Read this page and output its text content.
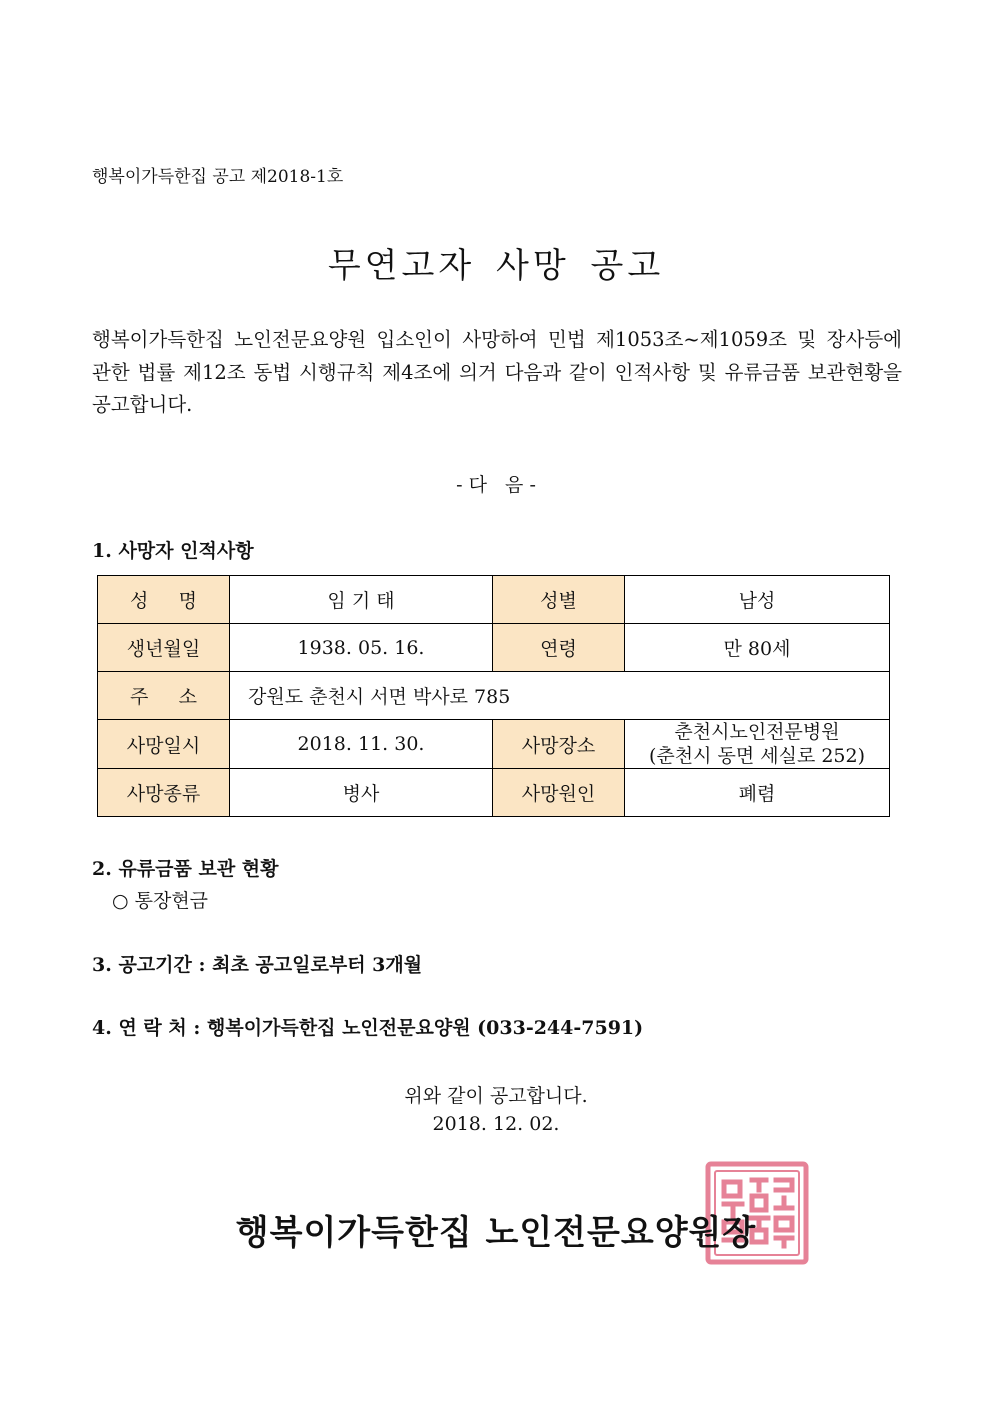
행복이가득한집 공고 제2018-1호
무연고자 사망 공고
행복이가득한집 노인전문요양원 입소인이 사망하여 민법 제1053조~제1059조 및 장사등에
관한 법률 제12조 동법 시행규칙 제4조에 의거 다음과 같이 인적사항 및 유류금품 보관현황을
공고합니다.
- 다   음 -
1. 사망자 인적사항
성     명	임 기 태	성별	남성
생년월일	1938. 05. 16.	연령	만 80세
주     소	강원도 춘천시 서면 박사로 785		
사망일시	2018. 11. 30.	사망장소	춘천시노인전문병원
(춘천시 동면 세실로 252)

사망종류	병사	사망원인	폐렴
2. 유류금품 보관 현황
○ 통장현금
3. 공고기간 : 최초 공고일로부터 3개월
4. 연 락 처 : 행복이가득한집 노인전문요양원 (033-244-7591)
위와 같이 공고합니다.
2018. 12. 02.
행복이가득한집 노인전문요양원장
